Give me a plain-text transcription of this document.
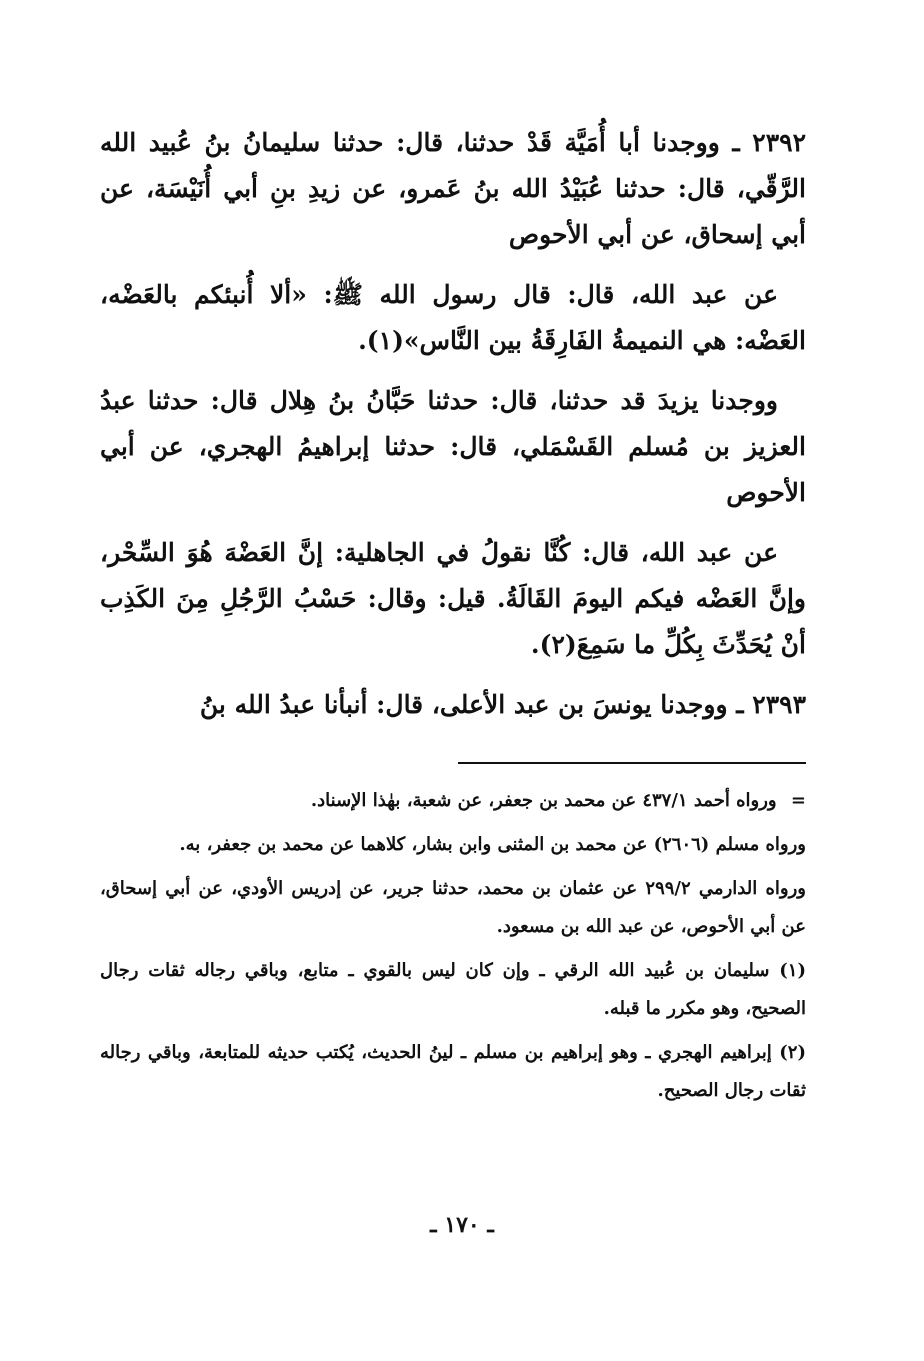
٢٣٩٢ ـ ووجدنا أبا أُمَيَّة قَدْ حدثنا، قال: حدثنا سليمانُ بنُ عُبيد الله الرَّقّي، قال: حدثنا عُبَيْدُ الله بنُ عَمرو، عن زيدِ بنِ أبي أُنَيْسَة، عن أبي إسحاق، عن أبي الأحوص

عن عبد الله، قال: قال رسول الله ﷺ: «ألا أُنبئكم بالعَضْه، العَضْه: هي النميمةُ الفَارِقَةُ بين النَّاس»(١).

ووجدنا يزيدَ قد حدثنا، قال: حدثنا حَبَّانُ بنُ هِلال قال: حدثنا عبدُ العزيز بن مُسلم القَسْمَلي، قال: حدثنا إبراهيمُ الهجري، عن أبي الأحوص

عن عبد الله، قال: كُنَّا نقولُ في الجاهلية: إنَّ العَضْهَ هُوَ السِّحْر، وإنَّ العَضْه فيكم اليومَ القَالَةُ. قيل: وقال: حَسْبُ الرَّجُلِ مِنَ الكَذِب أنْ يُحَدِّثَ بِكُلِّ ما سَمِعَ(٢).

٢٣٩٣ ـ ووجدنا يونسَ بن عبد الأعلى، قال: أنبأنا عبدُ الله بنُ

= ورواه أحمد ٤٣٧/١ عن محمد بن جعفر، عن شعبة، بهٰذا الإسناد.

ورواه مسلم (٢٦٠٦) عن محمد بن المثنى وابن بشار، كلاهما عن محمد بن جعفر، به.

ورواه الدارمي ٢٩٩/٢ عن عثمان بن محمد، حدثنا جرير، عن إدريس الأودي، عن أبي إسحاق، عن أبي الأحوص، عن عبد الله بن مسعود.

(١) سليمان بن عُبيد الله الرقي ـ وإن كان ليس بالقوي ـ متابع، وباقي رجاله ثقات رجال الصحيح، وهو مكرر ما قبله.

(٢) إبراهيم الهجري ـ وهو إبراهيم بن مسلم ـ لينُ الحديث، يُكتب حديثه للمتابعة، وباقي رجاله ثقات رجال الصحيح.

ـ ١٧٠ ـ
